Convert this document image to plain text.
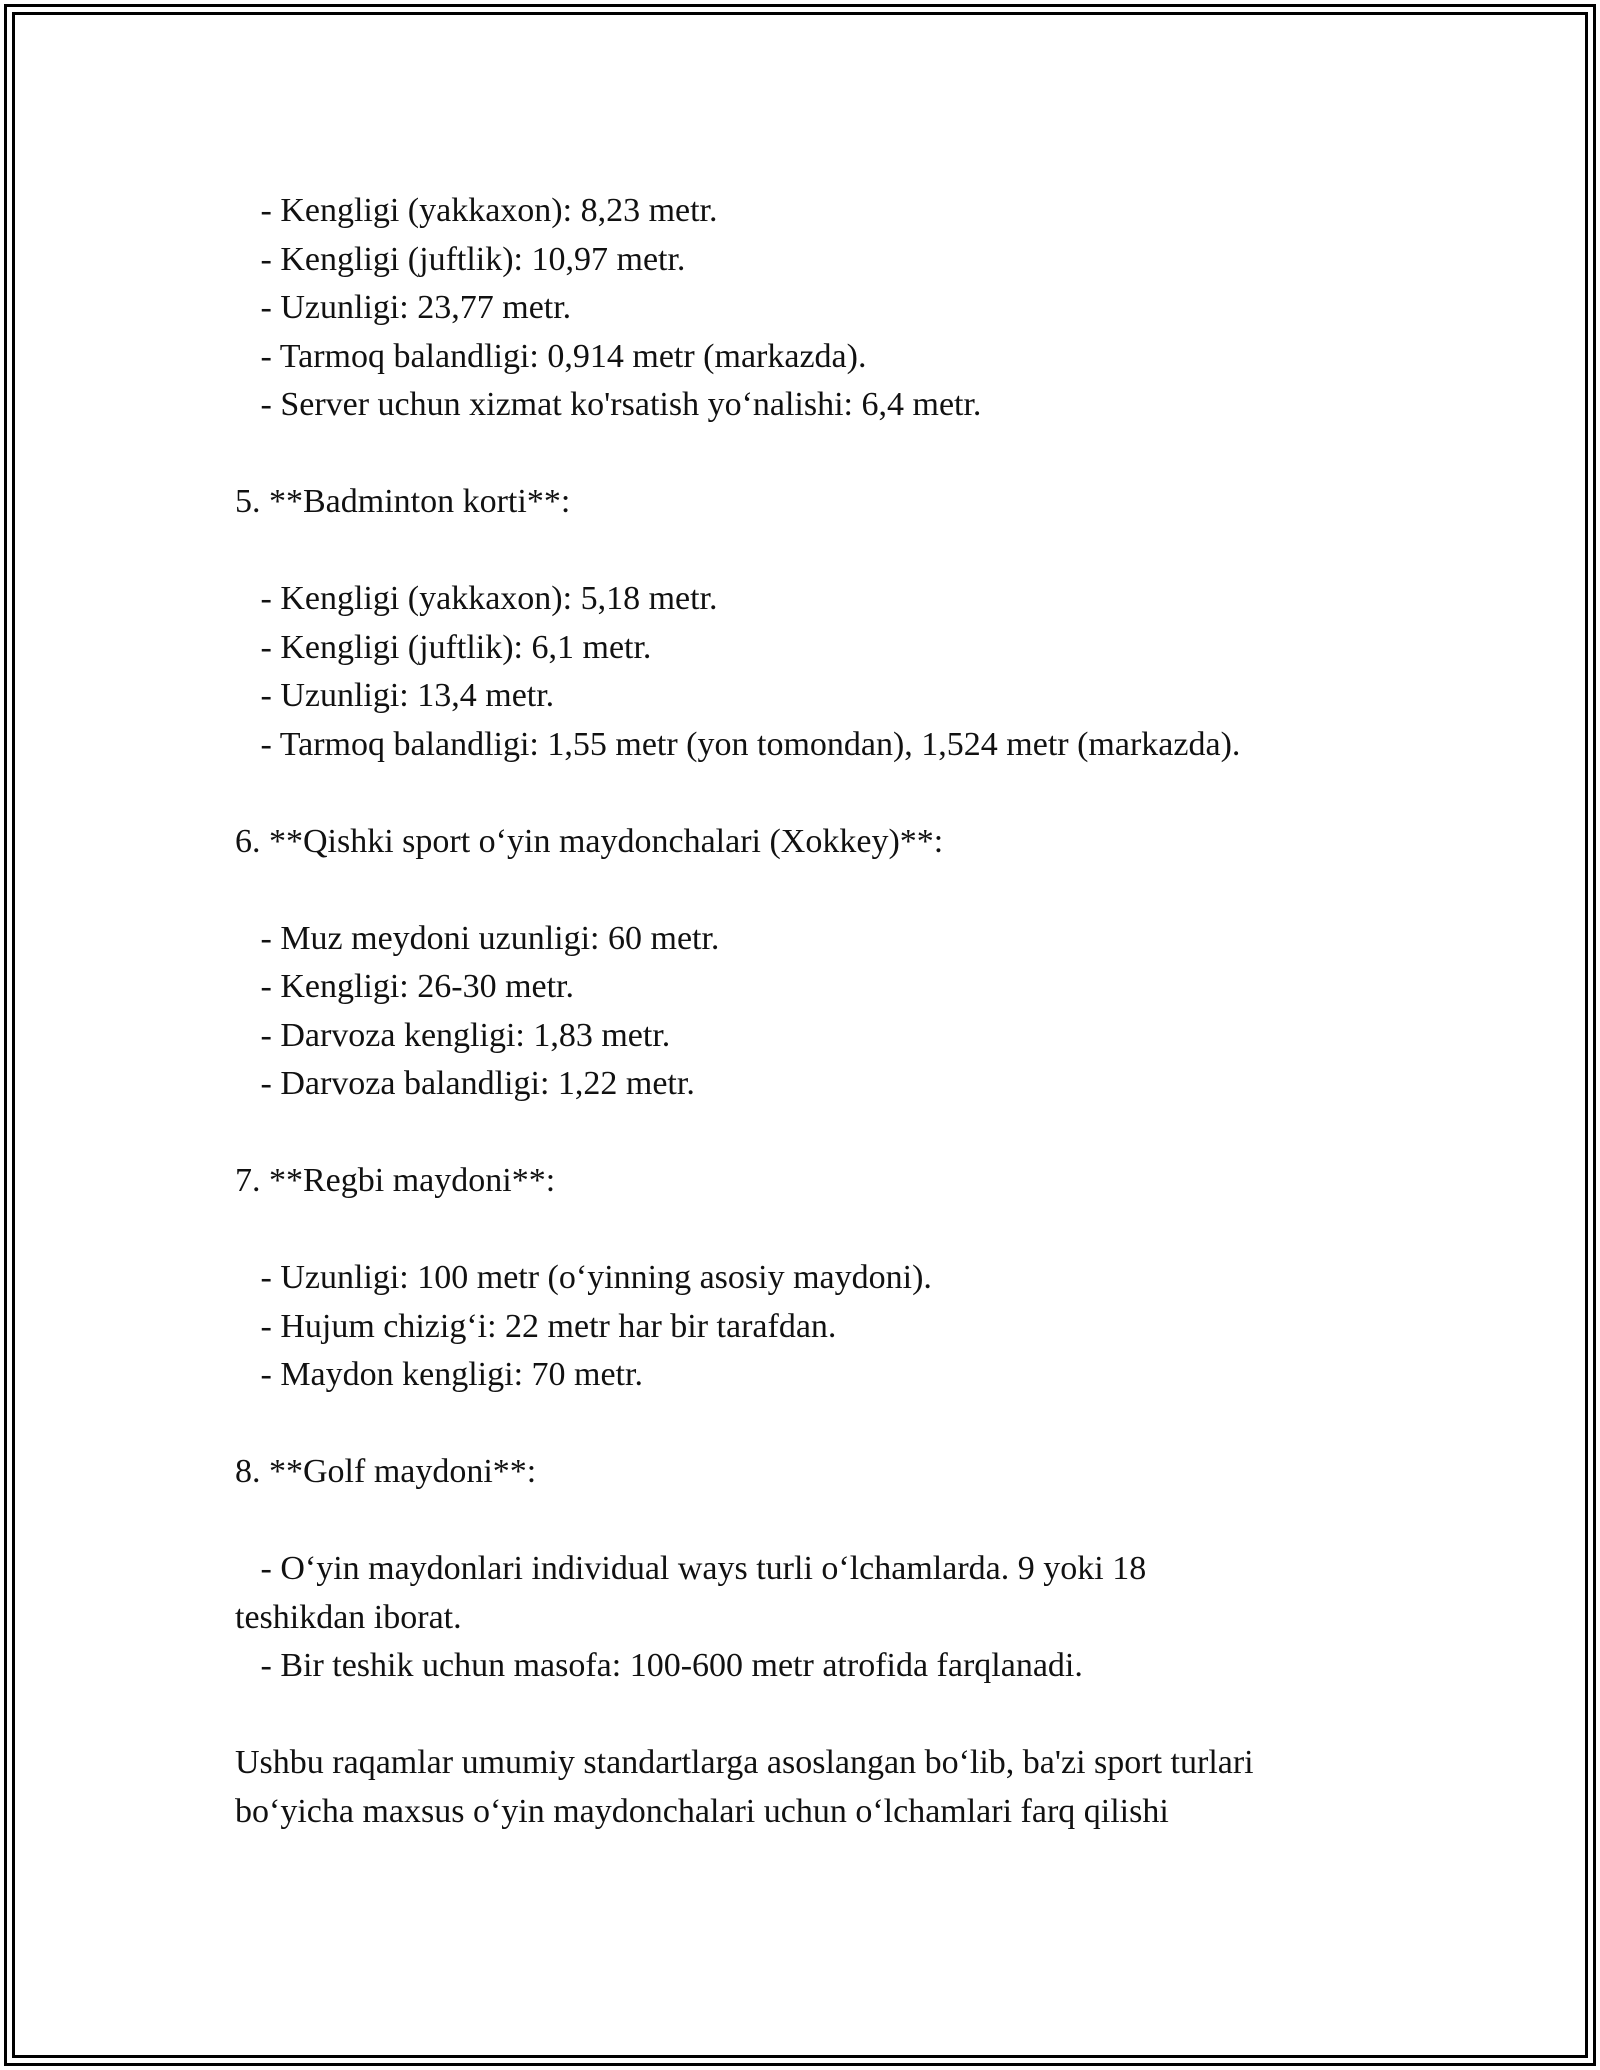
- Kengligi (yakkaxon): 8,23 metr.
- Kengligi (juftlik): 10,97 metr.
- Uzunligi: 23,77 metr.
- Tarmoq balandligi: 0,914 metr (markazda).
- Server uchun xizmat ko'rsatish yo‘nalishi: 6,4 metr.
5. **Badminton korti**:
- Kengligi (yakkaxon): 5,18 metr.
- Kengligi (juftlik): 6,1 metr.
- Uzunligi: 13,4 metr.
- Tarmoq balandligi: 1,55 metr (yon tomondan), 1,524 metr (markazda).
6. **Qishki sport o‘yin maydonchalari (Xokkey)**:
- Muz meydoni uzunligi: 60 metr.
- Kengligi: 26-30 metr.
- Darvoza kengligi: 1,83 metr.
- Darvoza balandligi: 1,22 metr.
7. **Regbi maydoni**:
- Uzunligi: 100 metr (o‘yinning asosiy maydoni).
- Hujum chizig‘i: 22 metr har bir tarafdan.
- Maydon kengligi: 70 metr.
8. **Golf maydoni**:
- O‘yin maydonlari individual ways turli o‘lchamlarda. 9 yoki 18
teshikdan iborat.
- Bir teshik uchun masofa: 100-600 metr atrofida farqlanadi.
Ushbu raqamlar umumiy standartlarga asoslangan bo‘lib, ba'zi sport turlari
bo‘yicha maxsus o‘yin maydonchalari uchun o‘lchamlari farq qilishi
